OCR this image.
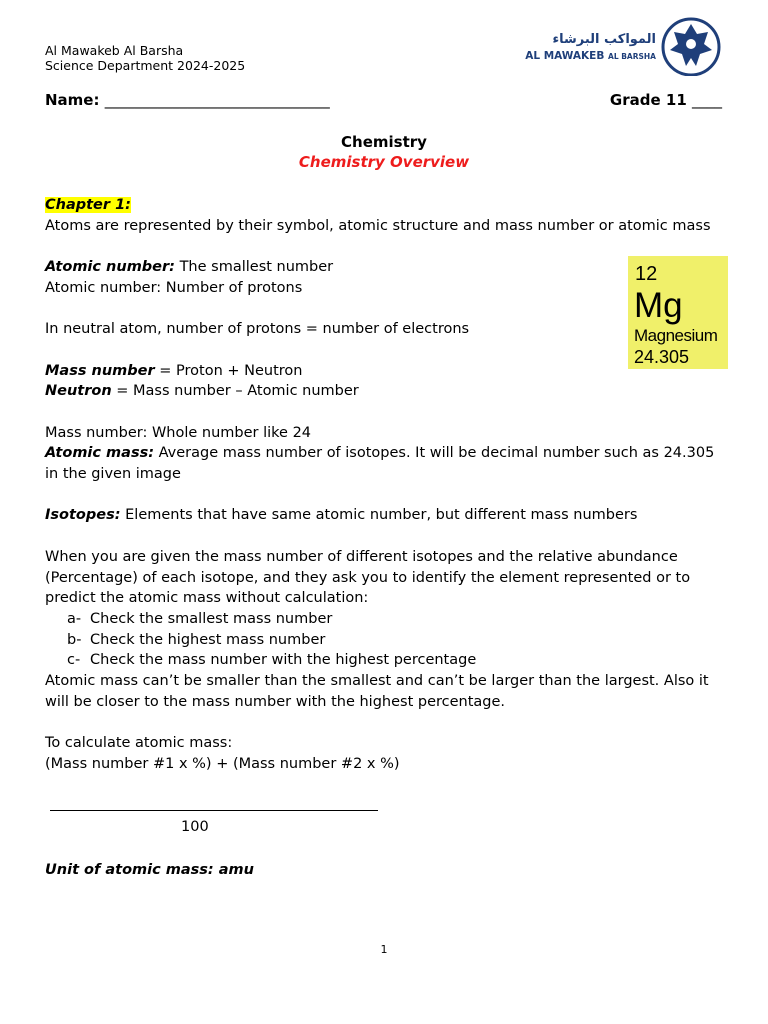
Al Mawakeb Al Barsha
Science Department 2024-2025
المواكب البرشاء
AL MAWAKEB AL BARSHA
Name: ______________________________	Grade 11 ____
Chemistry
Chemistry Overview

Chapter 1:

Atoms are represented by their symbol, atomic structure and mass number or atomic mass

Atomic number: The smallest number

Atomic number: Number of protons

In neutral atom, number of protons = number of electrons

Mass number = Proton + Neutron

Neutron = Mass number – Atomic number

Mass number: Whole number like 24

Atomic mass: Average mass number of isotopes. It will be decimal number such as 24.305 in the given image

Isotopes: Elements that have same atomic number, but different mass numbers

When you are given the mass number of different isotopes and the relative abundance (Percentage) of each isotope, and they ask you to identify the element represented or to predict the atomic mass without calculation:

a- Check the smallest mass number

b- Check the highest mass number

c- Check the mass number with the highest percentage

Atomic mass can’t be smaller than the smallest and can’t be larger than the largest. Also it will be closer to the mass number with the highest percentage.

To calculate atomic mass:

(Mass number #1 x %) + (Mass number #2 x %)

100

Unit of atomic mass: amu

12
Mg
Magnesium
24.305
1
